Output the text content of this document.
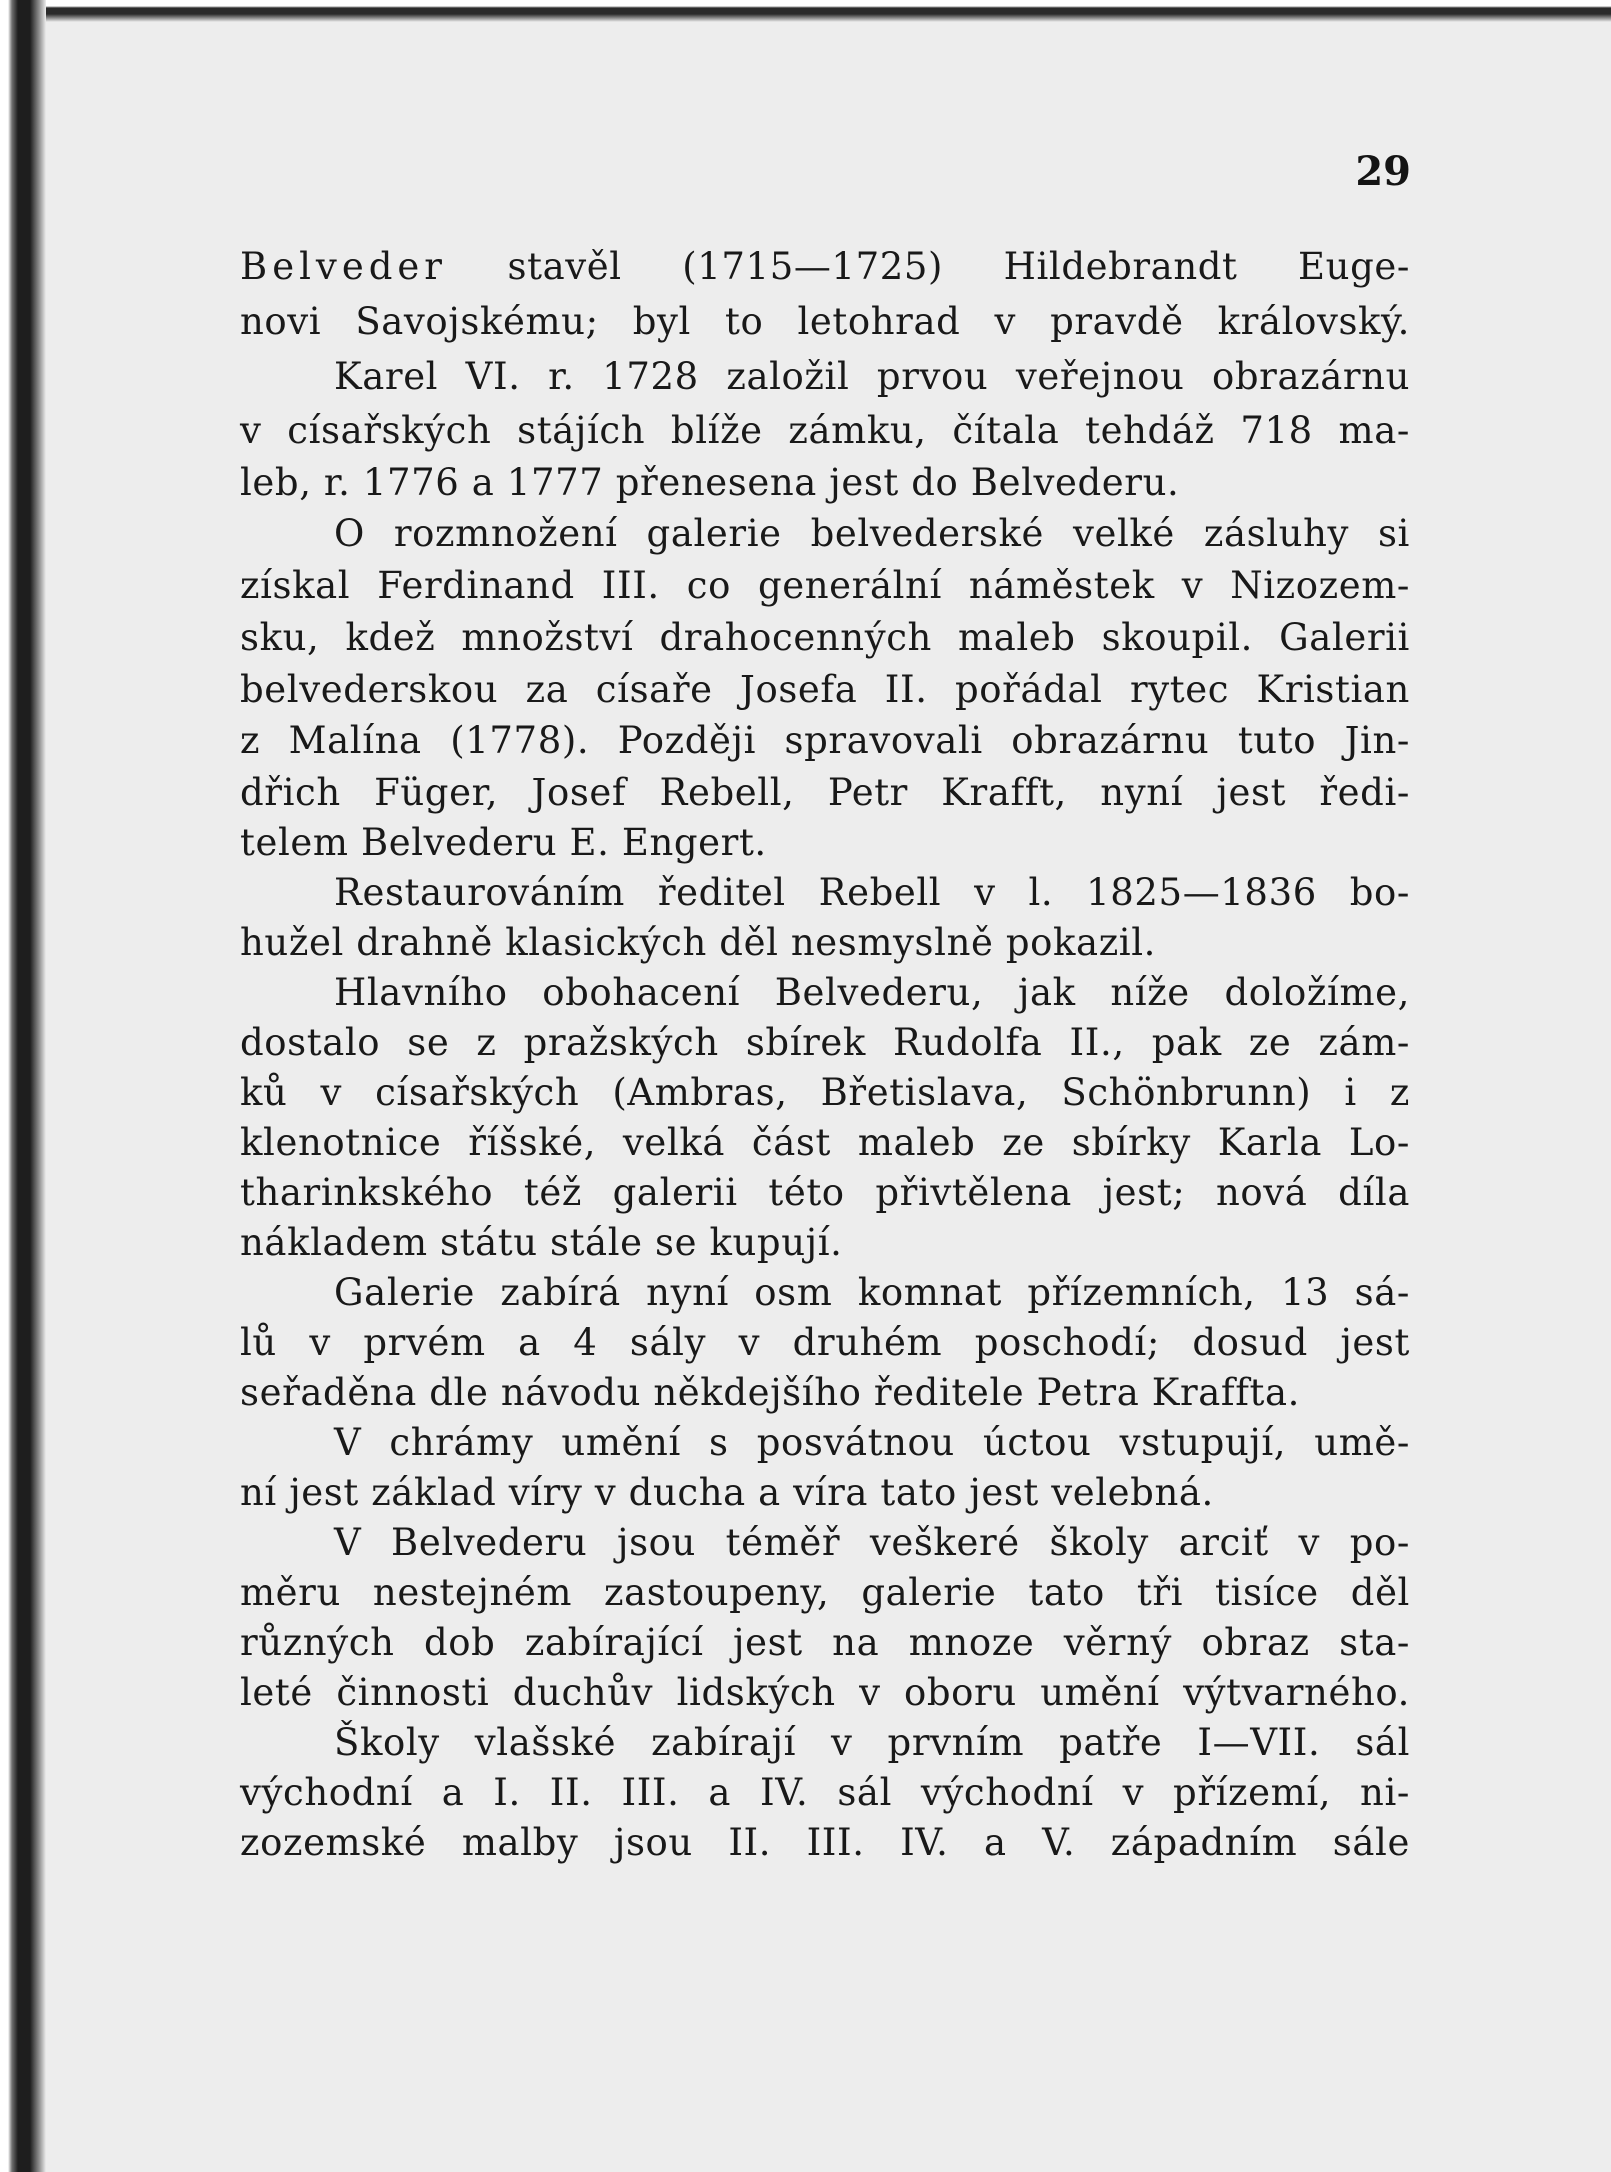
29

Belveder stavěl (1715—1725) Hildebrandt Euge-

novi Savojskému; byl to letohrad v pravdě královský.

Karel VI. r. 1728 založil prvou veřejnou obrazárnu

v císařských stájích blíže zámku, čítala tehdáž 718 ma-

leb, r. 1776 a 1777 přenesena jest do Belvederu.

O rozmnožení galerie belvederské velké zásluhy si

získal Ferdinand III. co generální náměstek v Nizozem-

sku, kdež množství drahocenných maleb skoupil. Galerii

belvederskou za císaře Josefa II. pořádal rytec Kristian

z Malína (1778). Později spravovali obrazárnu tuto Jin-

dřich Füger, Josef Rebell, Petr Krafft, nyní jest ředi-

telem Belvederu E. Engert.

Restaurováním ředitel Rebell v l. 1825—1836 bo-

hužel drahně klasických děl nesmyslně pokazil.

Hlavního obohacení Belvederu, jak níže doložíme,

dostalo se z pražských sbírek Rudolfa II., pak ze zám-

ků v císařských (Ambras, Břetislava, Schönbrunn) i z

klenotnice říšské, velká část maleb ze sbírky Karla Lo-

tharinkského též galerii této přivtělena jest; nová díla

nákladem státu stále se kupují.

Galerie zabírá nyní osm komnat přízemních, 13 sá-

lů v prvém a 4 sály v druhém poschodí; dosud jest

seřaděna dle návodu někdejšího ředitele Petra Kraffta.

V chrámy umění s posvátnou úctou vstupují, umě-

ní jest základ víry v ducha a víra tato jest velebná.

V Belvederu jsou téměř veškeré školy arciť v po-

měru nestejném zastoupeny, galerie tato tři tisíce děl

různých dob zabírající jest na mnoze věrný obraz sta-

leté činnosti duchův lidských v oboru umění výtvarného.

Školy vlašské zabírají v prvním patře I—VII. sál

východní a I. II. III. a IV. sál východní v přízemí, ni-

zozemské malby jsou II. III. IV. a V. západním sále
